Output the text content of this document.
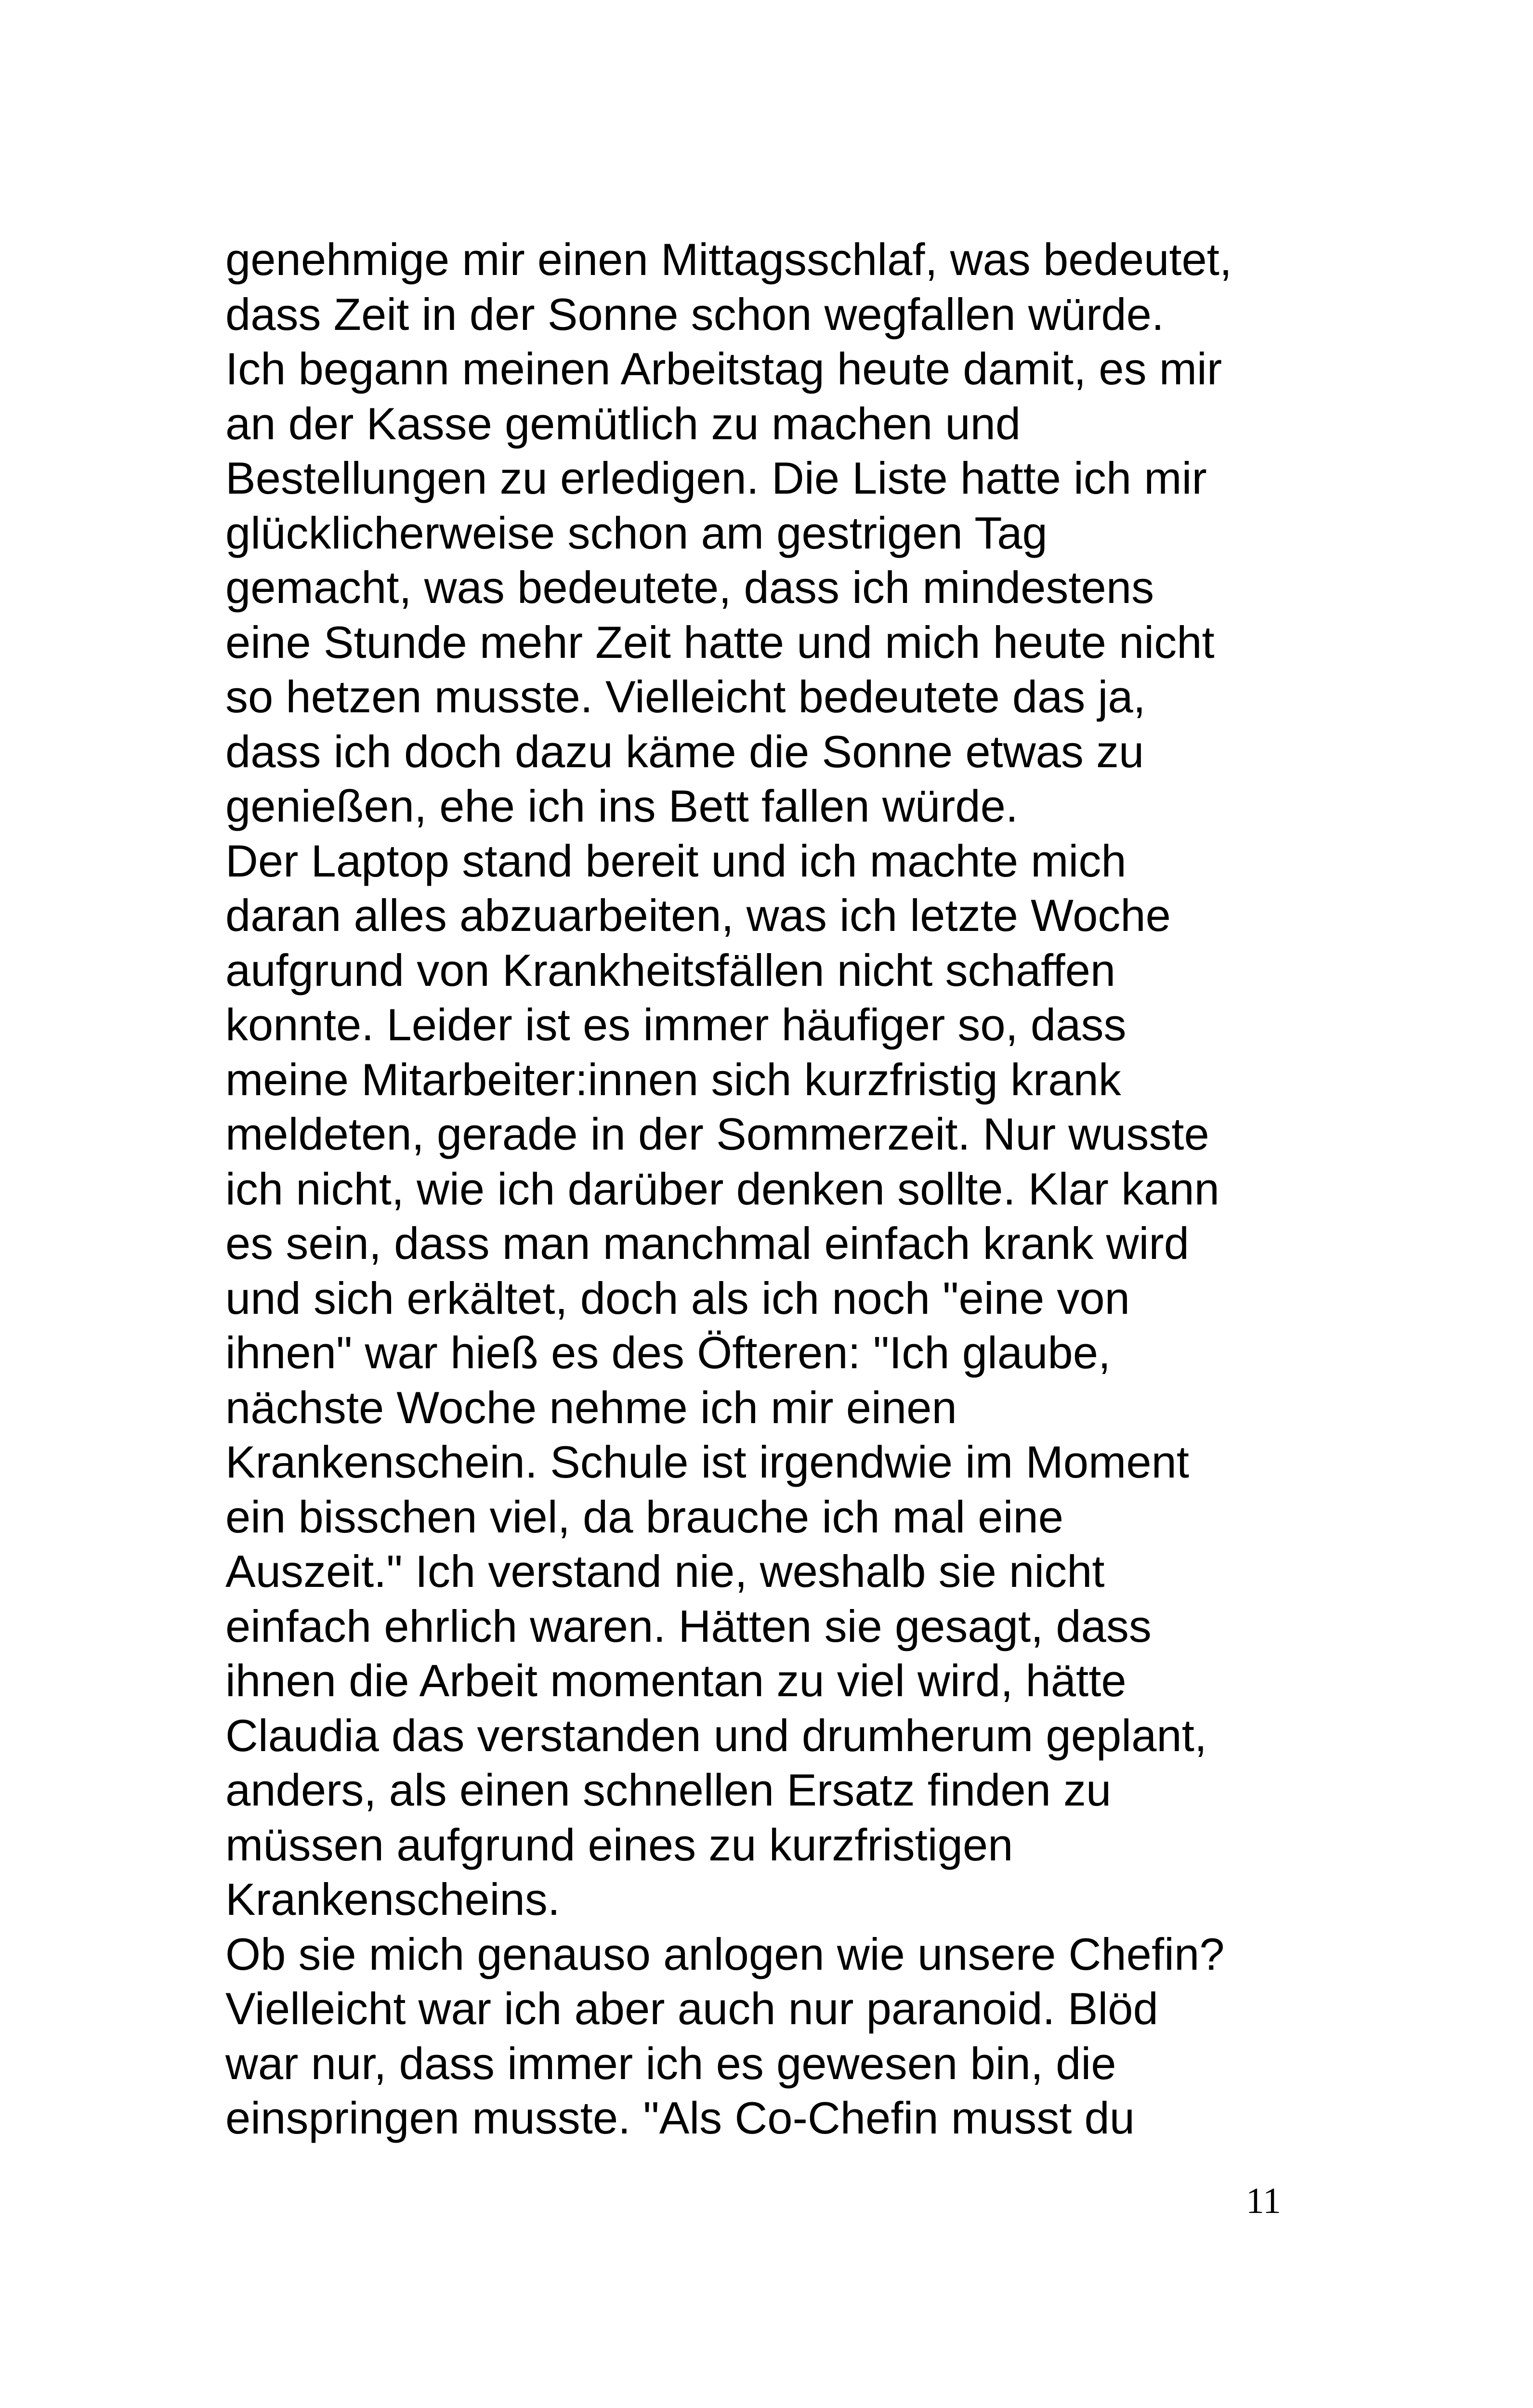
genehmige mir einen Mittagsschlaf, was bedeutet,
dass Zeit in der Sonne schon wegfallen würde.
Ich begann meinen Arbeitstag heute damit, es mir
an der Kasse gemütlich zu machen und
Bestellungen zu erledigen. Die Liste hatte ich mir
glücklicherweise schon am gestrigen Tag
gemacht, was bedeutete, dass ich mindestens
eine Stunde mehr Zeit hatte und mich heute nicht
so hetzen musste. Vielleicht bedeutete das ja,
dass ich doch dazu käme die Sonne etwas zu
genießen, ehe ich ins Bett fallen würde.
Der Laptop stand bereit und ich machte mich
daran alles abzuarbeiten, was ich letzte Woche
aufgrund von Krankheitsfällen nicht schaffen
konnte. Leider ist es immer häufiger so, dass
meine Mitarbeiter:innen sich kurzfristig krank
meldeten, gerade in der Sommerzeit. Nur wusste
ich nicht, wie ich darüber denken sollte. Klar kann
es sein, dass man manchmal einfach krank wird
und sich erkältet, doch als ich noch "eine von
ihnen" war hieß es des Öfteren: "Ich glaube,
nächste Woche nehme ich mir einen
Krankenschein. Schule ist irgendwie im Moment
ein bisschen viel, da brauche ich mal eine
Auszeit." Ich verstand nie, weshalb sie nicht
einfach ehrlich waren. Hätten sie gesagt, dass
ihnen die Arbeit momentan zu viel wird, hätte
Claudia das verstanden und drumherum geplant,
anders, als einen schnellen Ersatz finden zu
müssen aufgrund eines zu kurzfristigen
Krankenscheins.
Ob sie mich genauso anlogen wie unsere Chefin?
Vielleicht war ich aber auch nur paranoid. Blöd
war nur, dass immer ich es gewesen bin, die
einspringen musste. "Als Co-Chefin musst du
11
